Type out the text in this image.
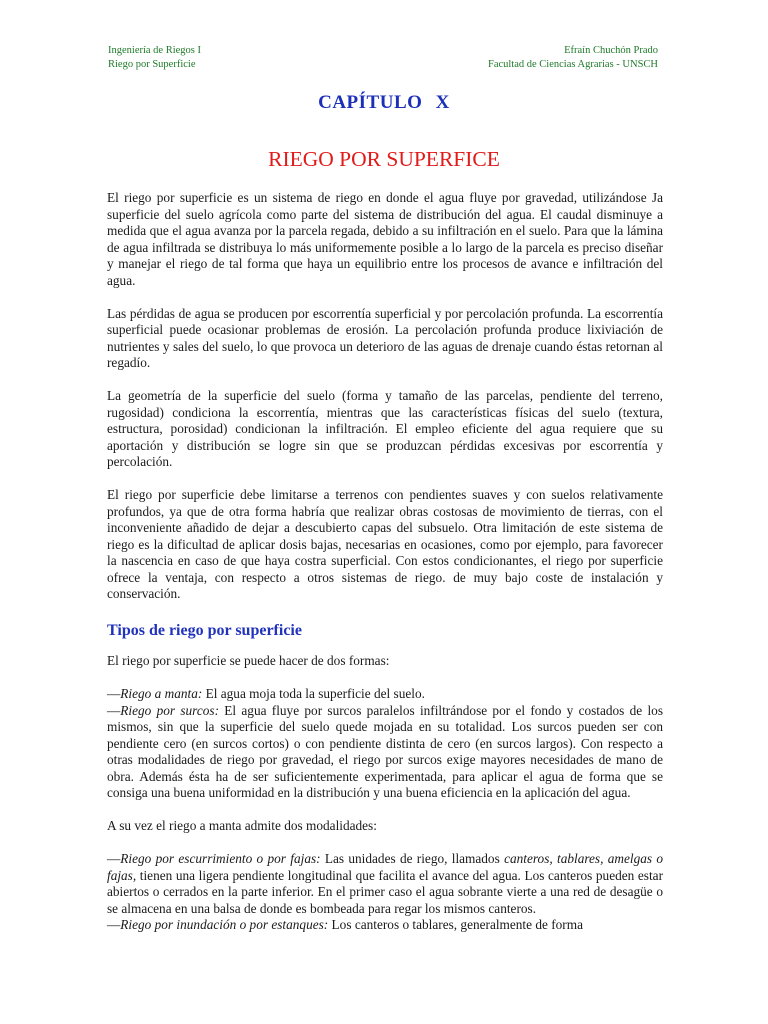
Ingeniería de Riegos I
Riego por Superficie
Efraín Chuchón Prado
Facultad de Ciencias Agrarias - UNSCH
CAPÍTULO X
RIEGO POR SUPERFICE

El riego por superficie es un sistema de riego en donde el agua fluye por gravedad, utilizándose Ja superficie del suelo agrícola como parte del sistema de distribución del agua. El caudal disminuye a medida que el agua avanza por la parcela regada, debido a su infiltración en el suelo. Para que la lámina de agua infiltrada se distribuya lo más uniformemente posible a lo largo de la parcela es preciso diseñar y manejar el riego de tal forma que haya un equilibrio entre los procesos de avance e infiltración del agua.

Las pérdidas de agua se producen por escorrentía superficial y por percolación profunda. La escorrentía superficial puede ocasionar problemas de erosión. La percolación profunda produce lixiviación de nutrientes y sales del suelo, lo que provoca un deterioro de las aguas de drenaje cuando éstas retornan al regadío.

La geometría de la superficie del suelo (forma y tamaño de las parcelas, pendiente del terreno, rugosidad) condiciona la escorrentía, mientras que las características físicas del suelo (textura, estructura, porosidad) condicionan la infiltración. El empleo eficiente del agua requiere que su aportación y distribución se logre sin que se produzcan pérdidas excesivas por escorrentía y percolación.

El riego por superficie debe limitarse a terrenos con pendientes suaves y con suelos relativamente profundos, ya que de otra forma habría que realizar obras costosas de movimiento de tierras, con el inconveniente añadido de dejar a descubierto capas del subsuelo. Otra limitación de este sistema de riego es la dificultad de aplicar dosis bajas, necesarias en ocasiones, como por ejemplo, para favorecer la nascencia en caso de que haya costra superficial. Con estos condicionantes, el riego por superficie ofrece la ventaja, con respecto a otros sistemas de riego. de muy bajo coste de instalación y conservación.

Tipos de riego por superficie

El riego por superficie se puede hacer de dos formas:

—Riego a manta: El agua moja toda la superficie del suelo.

—Riego por surcos: El agua fluye por surcos paralelos infiltrándose por el fondo y costados de los mismos, sin que la superficie del suelo quede mojada en su totalidad. Los surcos pueden ser con pendiente cero (en surcos cortos) o con pendiente distinta de cero (en surcos largos). Con respecto a otras modalidades de riego por gravedad, el riego por surcos exige mayores necesidades de mano de obra. Además ésta ha de ser suficientemente experimentada, para aplicar el agua de forma que se consiga una buena uniformidad en la distribución y una buena eficiencia en la aplicación del agua.

A su vez el riego a manta admite dos modalidades:

—Riego por escurrimiento o por fajas: Las unidades de riego, llamados canteros, tablares, amelgas o fajas, tienen una ligera pendiente longitudinal que facilita el avance del agua. Los canteros pueden estar abiertos o cerrados en la parte inferior. En el primer caso el agua sobrante vierte a una red de desagüe o se almacena en una balsa de donde es bombeada para regar los mismos canteros.

—Riego por inundación o por estanques: Los canteros o tablares, generalmente de forma
